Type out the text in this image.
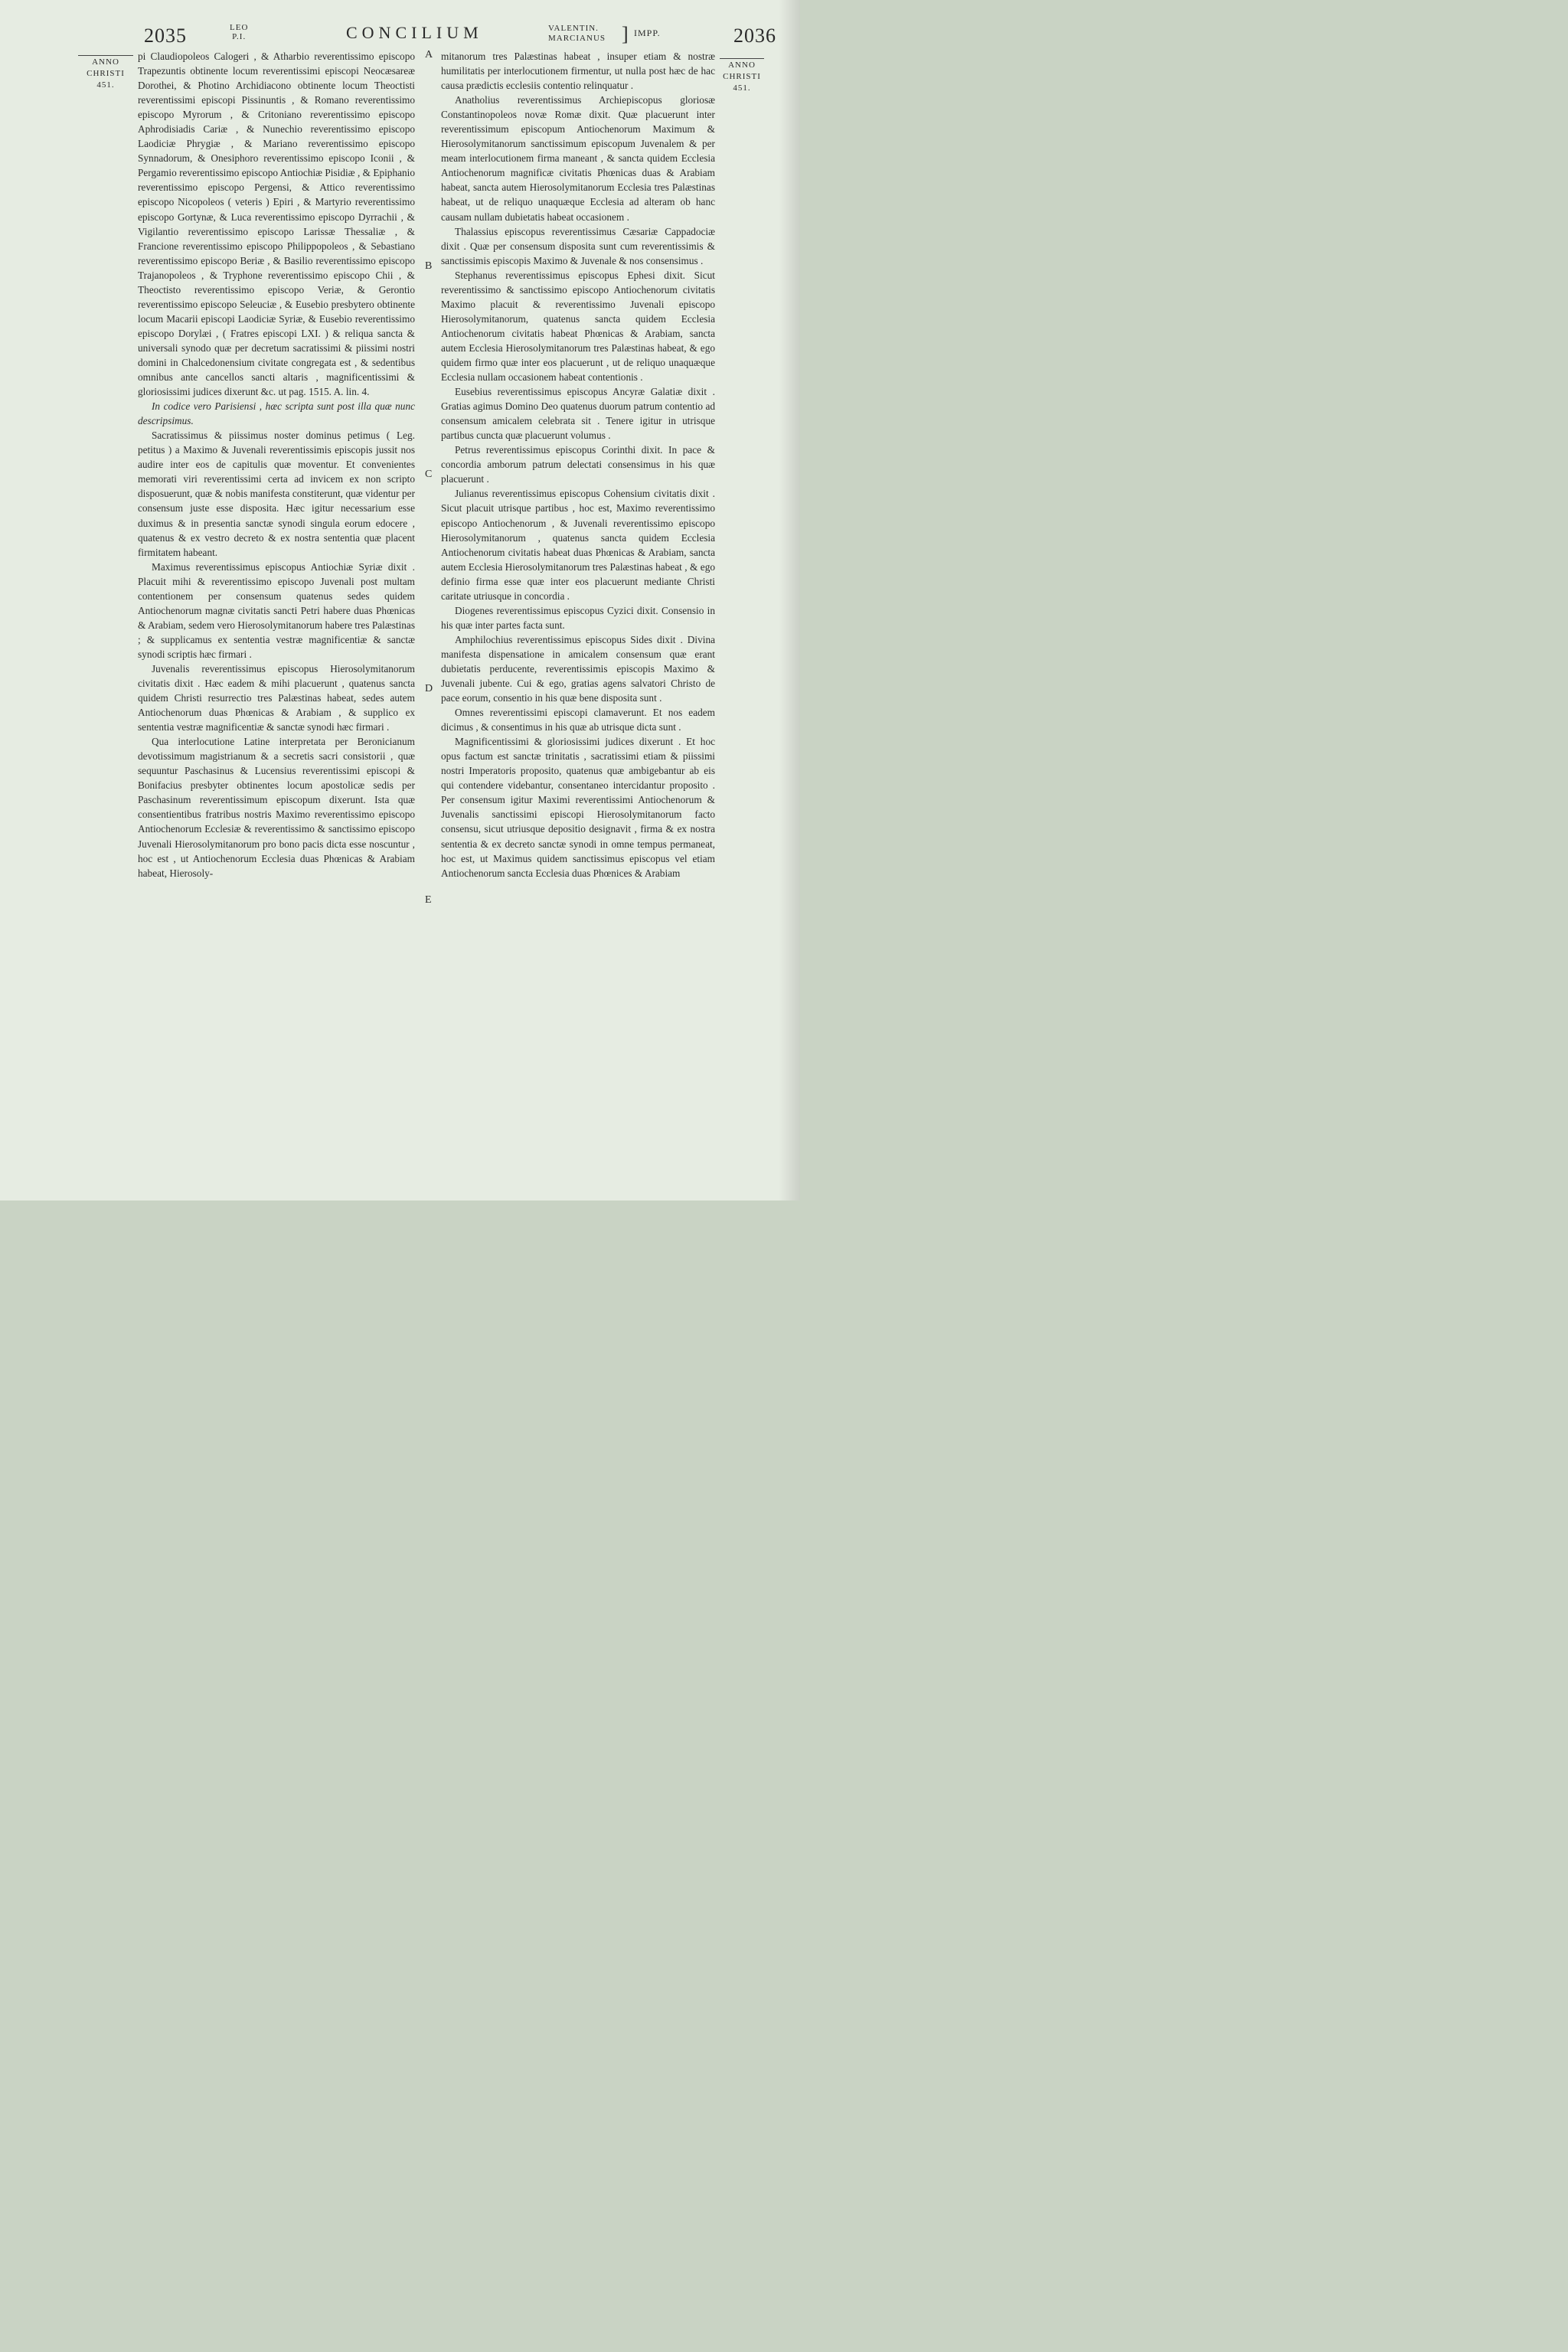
2035	LEO
P.I.	CONCILIUM	VALENTIN.
MARCIANUS ] IMPP.	2036
ANNO
CHRISTI
451.
ANNO
CHRISTI
451.
A
B
C
D
E

pi Claudiopoleos Calogeri , & Atharbio reverentissimo episcopo Trapezuntis obtinente locum reverentissimi episcopi Neocæsareæ Dorothei, & Photino Archidiacono obtinente locum Theoctisti reverentissimi episcopi Pissinuntis , & Romano reverentissimo episcopo Myrorum , & Critoniano reverentissimo episcopo Aphrodisiadis Cariæ , & Nunechio reverentissimo episcopo Laodiciæ Phrygiæ , & Mariano reverentissimo episcopo Synnadorum, & Onesiphoro reverentissimo episcopo Iconii , & Pergamio reverentissimo episcopo Antiochiæ Pisidiæ , & Epiphanio reverentissimo episcopo Pergensi, & Attico reverentissimo episcopo Nicopoleos ( veteris ) Epiri , & Martyrio reverentissimo episcopo Gortynæ, & Luca reverentissimo episcopo Dyrrachii , & Vigilantio reverentissimo episcopo Larissæ Thessaliæ , & Francione reverentissimo episcopo Philippopoleos , & Sebastiano reverentissimo episcopo Beriæ , & Basilio reverentissimo episcopo Trajanopoleos , & Tryphone reverentissimo episcopo Chii , & Theoctisto reverentissimo episcopo Veriæ, & Gerontio reverentissimo episcopo Seleuciæ , & Eusebio presbytero obtinente locum Macarii episcopi Laodiciæ Syriæ, & Eusebio reverentissimo episcopo Dorylæi , ( Fratres episcopi LXI. ) & reliqua sancta & universali synodo quæ per decretum sacratissimi & piissimi nostri domini in Chalcedonensium civitate congregata est , & sedentibus omnibus ante cancellos sancti altaris , magnificentissimi & gloriosissimi judices dixerunt &c. ut pag. 1515. A. lin. 4.

In codice vero Parisiensi , hæc scripta sunt post illa quæ nunc descripsimus.

Sacratissimus & piissimus noster dominus petimus ( Leg. petitus ) a Maximo & Juvenali reverentissimis episcopis jussit nos audire inter eos de capitulis quæ moventur. Et convenientes memorati viri reverentissimi certa ad invicem ex non scripto disposuerunt, quæ & nobis manifesta constiterunt, quæ videntur per consensum juste esse disposita. Hæc igitur necessarium esse duximus & in presentia sanctæ synodi singula eorum edocere , quatenus & ex vestro decreto & ex nostra sententia quæ placent firmitatem habeant.

Maximus reverentissimus episcopus Antiochiæ Syriæ dixit . Placuit mihi & reverentissimo episcopo Juvenali post multam contentionem per consensum quatenus sedes quidem Antiochenorum magnæ civitatis sancti Petri habere duas Phœnicas & Arabiam, sedem vero Hierosolymitanorum habere tres Palæstinas ; & supplicamus ex sententia vestræ magnificentiæ & sanctæ synodi scriptis hæc firmari .

Juvenalis reverentissimus episcopus Hierosolymitanorum civitatis dixit . Hæc eadem & mihi placuerunt , quatenus sancta quidem Christi resurrectio tres Palæstinas habeat, sedes autem Antiochenorum duas Phœnicas & Arabiam , & supplico ex sententia vestræ magnificentiæ & sanctæ synodi hæc firmari .

Qua interlocutione Latine interpretata per Beronicianum devotissimum magistrianum & a secretis sacri consistorii , quæ sequuntur Paschasinus & Lucensius reverentissimi episcopi & Bonifacius presbyter obtinentes locum apostolicæ sedis per Paschasinum reverentissimum episcopum dixerunt. Ista quæ consentientibus fratribus nostris Maximo reverentissimo episcopo Antiochenorum Ecclesiæ & reverentissimo & sanctissimo episcopo Juvenali Hierosolymitanorum pro bono pacis dicta esse noscuntur , hoc est , ut Antiochenorum Ecclesia duas Phœnicas & Arabiam habeat, Hierosoly-

mitanorum tres Palæstinas habeat , insuper etiam & nostræ humilitatis per interlocutionem firmentur, ut nulla post hæc de hac causa prædictis ecclesiis contentio relinquatur .

Anatholius reverentissimus Archiepiscopus gloriosæ Constantinopoleos novæ Romæ dixit. Quæ placuerunt inter reverentissimum episcopum Antiochenorum Maximum & Hierosolymitanorum sanctissimum episcopum Juvenalem & per meam interlocutionem firma maneant , & sancta quidem Ecclesia Antiochenorum magnificæ civitatis Phœnicas duas & Arabiam habeat, sancta autem Hierosolymitanorum Ecclesia tres Palæstinas habeat, ut de reliquo unaquæque Ecclesia ad alteram ob hanc causam nullam dubietatis habeat occasionem .

Thalassius episcopus reverentissimus Cæsariæ Cappadociæ dixit . Quæ per consensum disposita sunt cum reverentissimis & sanctissimis episcopis Maximo & Juvenale & nos consensimus .

Stephanus reverentissimus episcopus Ephesi dixit. Sicut reverentissimo & sanctissimo episcopo Antiochenorum civitatis Maximo placuit & reverentissimo Juvenali episcopo Hierosolymitanorum, quatenus sancta quidem Ecclesia Antiochenorum civitatis habeat Phœnicas & Arabiam, sancta autem Ecclesia Hierosolymitanorum tres Palæstinas habeat, & ego quidem firmo quæ inter eos placuerunt , ut de reliquo unaquæque Ecclesia nullam occasionem habeat contentionis .

Eusebius reverentissimus episcopus Ancyræ Galatiæ dixit . Gratias agimus Domino Deo quatenus duorum patrum contentio ad consensum amicalem celebrata sit . Tenere igitur in utrisque partibus cuncta quæ placuerunt volumus .

Petrus reverentissimus episcopus Corinthi dixit. In pace & concordia amborum patrum delectati consensimus in his quæ placuerunt .

Julianus reverentissimus episcopus Cohensium civitatis dixit . Sicut placuit utrisque partibus , hoc est, Maximo reverentissimo episcopo Antiochenorum , & Juvenali reverentissimo episcopo Hierosolymitanorum , quatenus sancta quidem Ecclesia Antiochenorum civitatis habeat duas Phœnicas & Arabiam, sancta autem Ecclesia Hierosolymitanorum tres Palæstinas habeat , & ego definio firma esse quæ inter eos placuerunt mediante Christi caritate utriusque in concordia .

Diogenes reverentissimus episcopus Cyzici dixit. Consensio in his quæ inter partes facta sunt.

Amphilochius reverentissimus episcopus Sides dixit . Divina manifesta dispensatione in amicalem consensum quæ erant dubietatis perducente, reverentissimis episcopis Maximo & Juvenali jubente. Cui & ego, gratias agens salvatori Christo de pace eorum, consentio in his quæ bene disposita sunt .

Omnes reverentissimi episcopi clamaverunt. Et nos eadem dicimus , & consentimus in his quæ ab utrisque dicta sunt .

Magnificentissimi & gloriosissimi judices dixerunt . Et hoc opus factum est sanctæ trinitatis , sacratissimi etiam & piissimi nostri Imperatoris proposito, quatenus quæ ambigebantur ab eis qui contendere videbantur, consentaneo intercidantur proposito . Per consensum igitur Maximi reverentissimi Antiochenorum & Juvenalis sanctissimi episcopi Hierosolymitanorum facto consensu, sicut utriusque depositio designavit , firma & ex nostra sententia & ex decreto sanctæ synodi in omne tempus permaneat, hoc est, ut Maximus quidem sanctissimus episcopus vel etiam Antiochenorum sancta Ecclesia duas Phœnices & Arabiam
